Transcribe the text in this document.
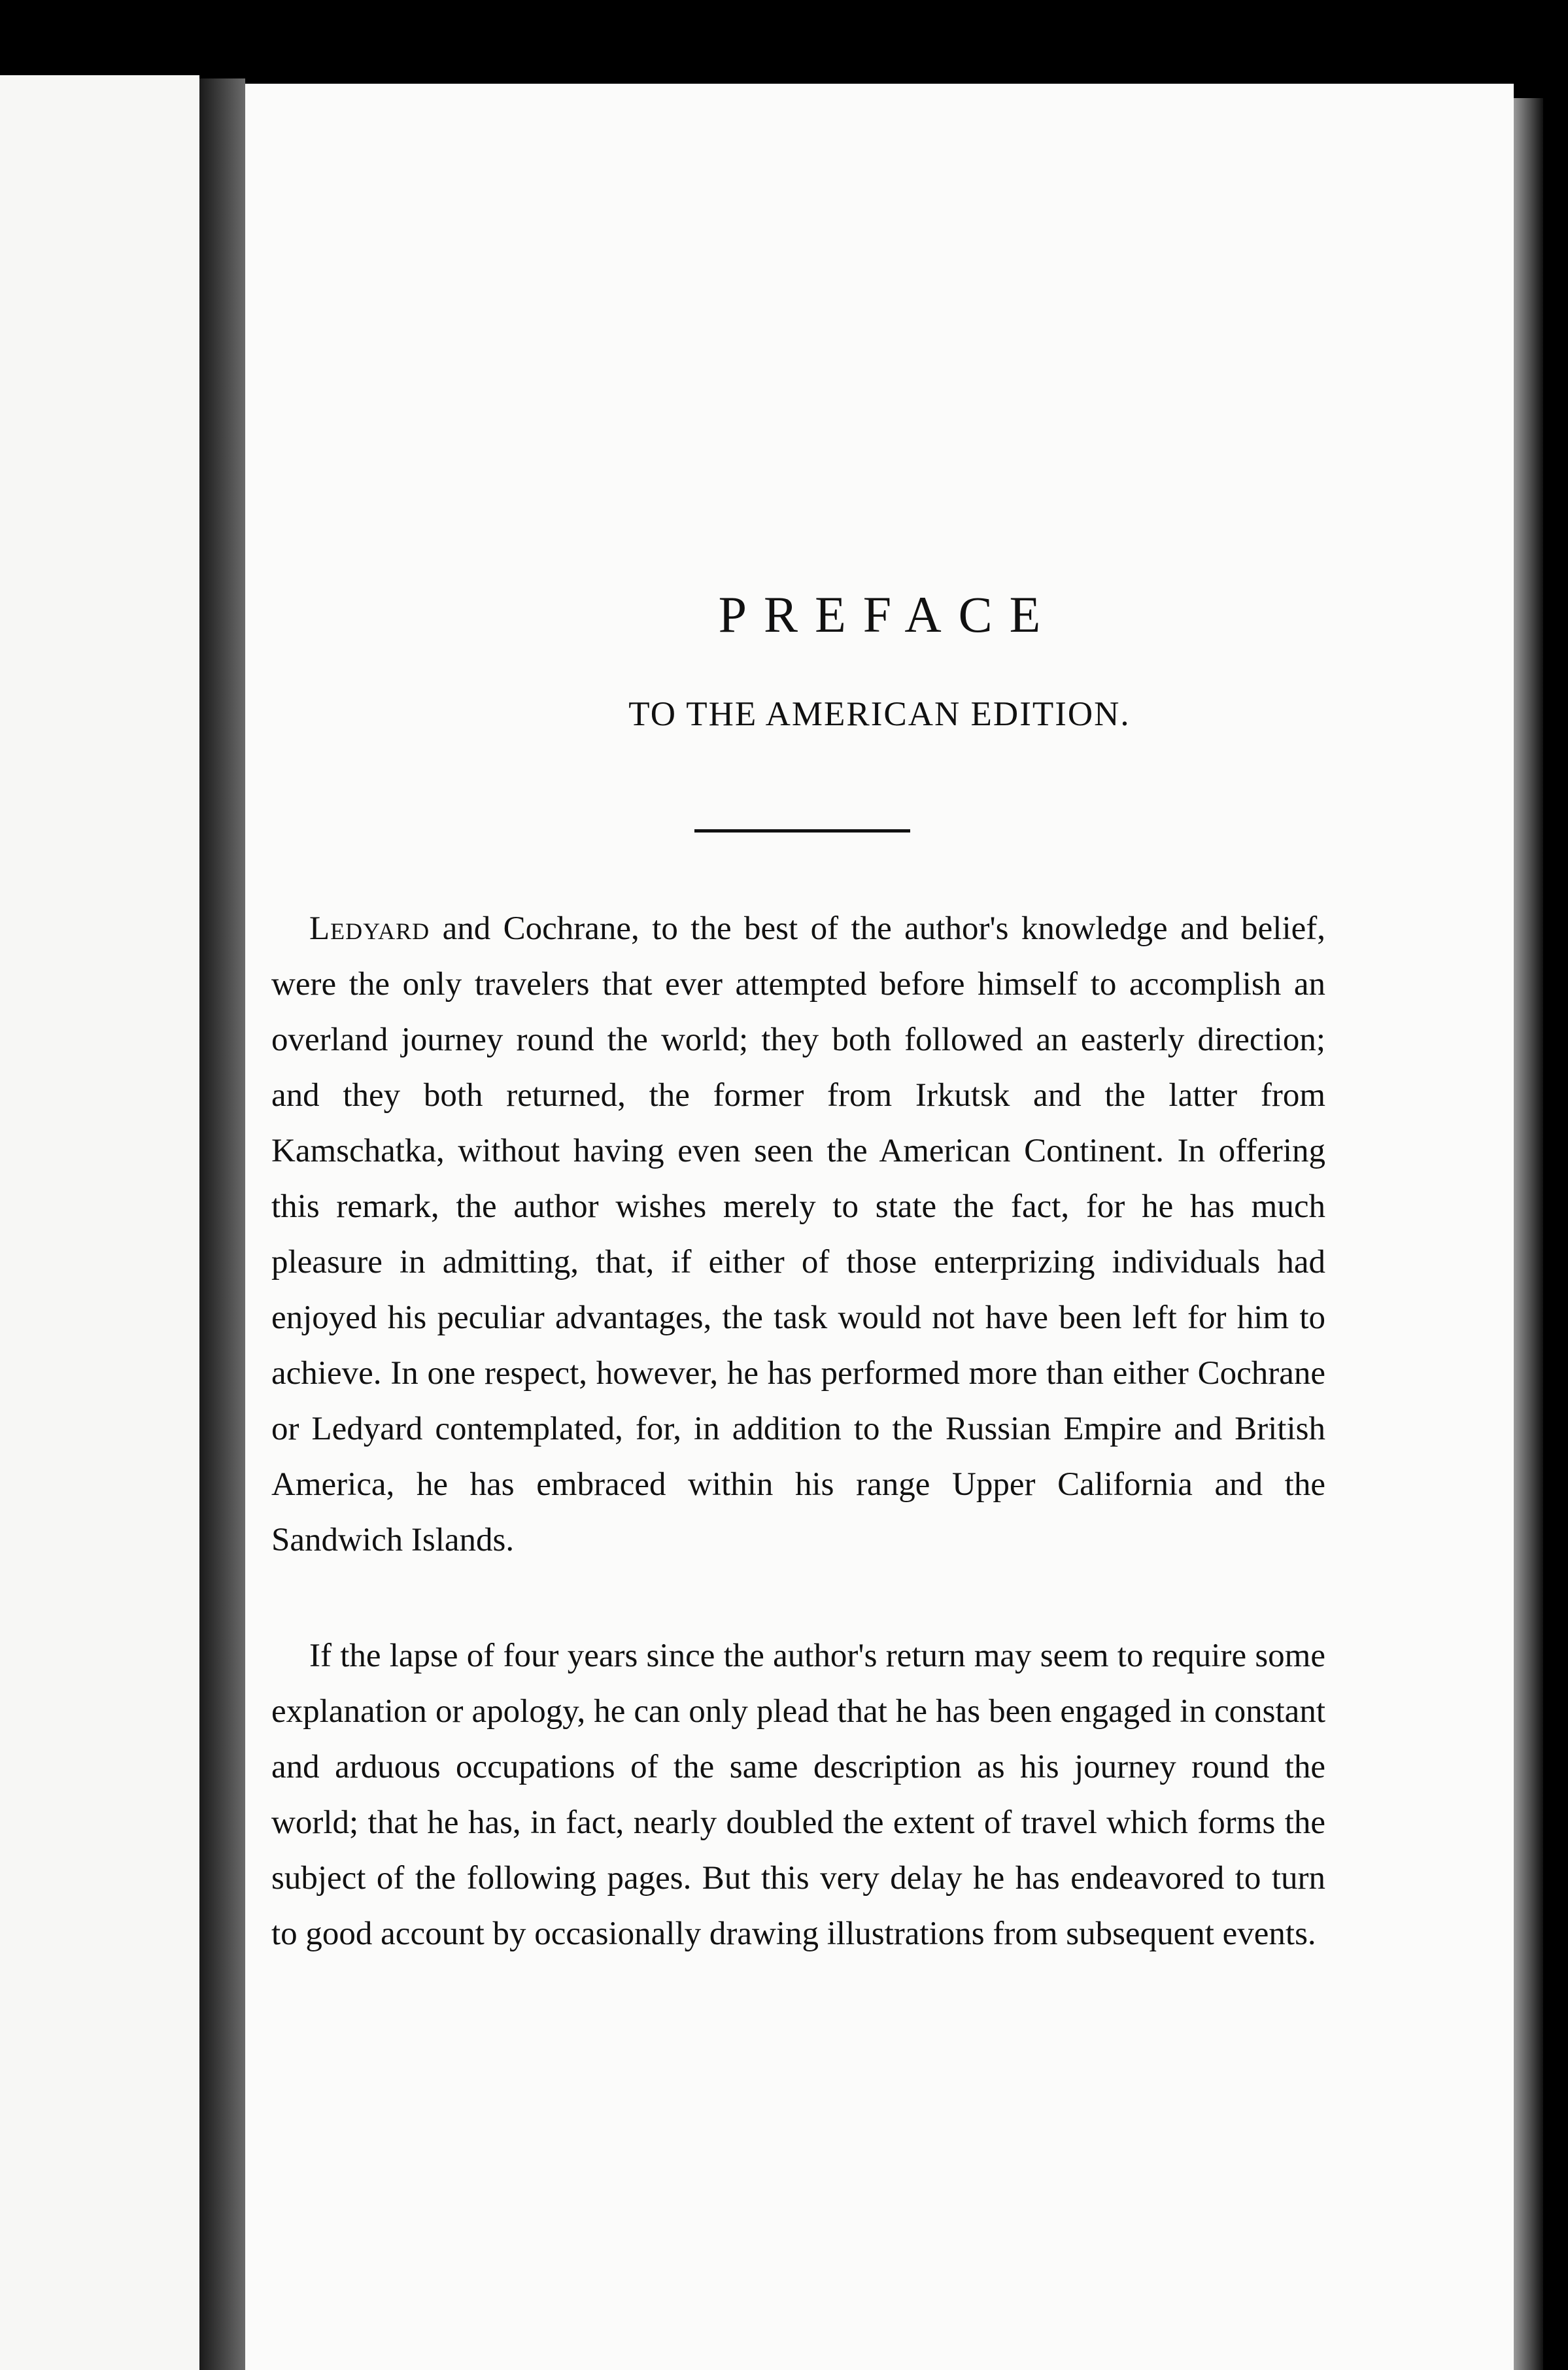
PREFACE
TO THE AMERICAN EDITION.

Ledyard and Cochrane, to the best of the author's knowledge and belief, were the only travelers that ever attempted before himself to accomplish an overland journey round the world; they both followed an easterly direction; and they both returned, the former from Irkutsk and the latter from Kamschatka, without having even seen the American Continent. In offering this remark, the author wishes merely to state the fact, for he has much pleasure in admitting, that, if either of those enterprizing individuals had enjoyed his peculiar advantages, the task would not have been left for him to achieve. In one respect, however, he has performed more than either Cochrane or Ledyard contemplated, for, in addition to the Russian Empire and British America, he has embraced within his range Upper California and the Sandwich Islands.

If the lapse of four years since the author's return may seem to require some explanation or apology, he can only plead that he has been engaged in constant and arduous occupations of the same description as his journey round the world; that he has, in fact, nearly doubled the extent of travel which forms the subject of the following pages. But this very delay he has endeavored to turn to good account by occasionally drawing illustrations from subsequent events.
